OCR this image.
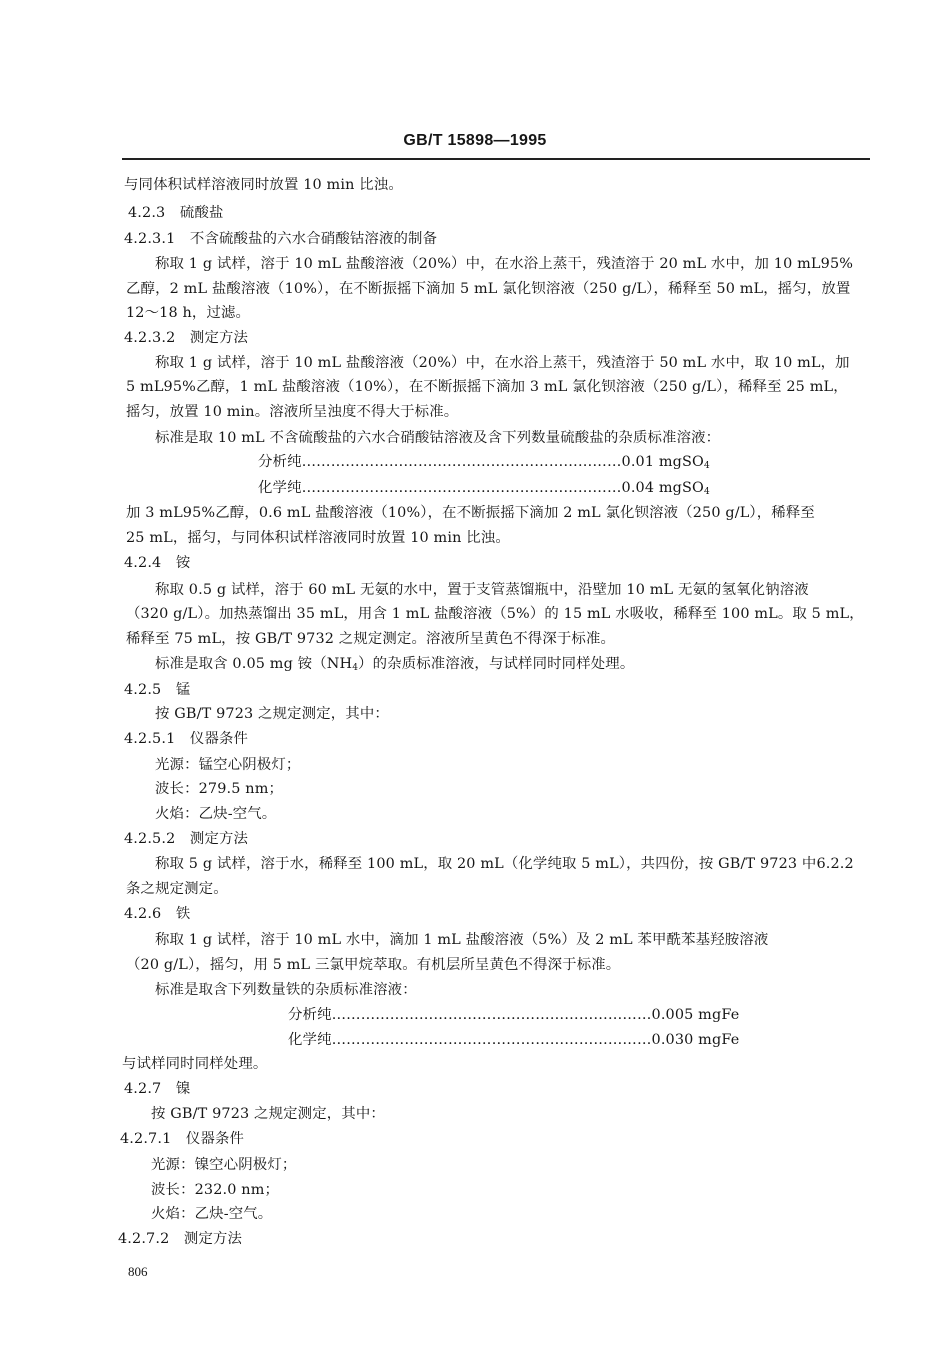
GB/T 15898—1995
与同体积试样溶液同时放置 10 min 比浊。
4.2.3　硫酸盐
4.2.3.1　不含硫酸盐的六水合硝酸钴溶液的制备
称取 1 g 试样，溶于 10 mL 盐酸溶液（20%）中，在水浴上蒸干，残渣溶于 20 mL 水中，加 10 mL95%
乙醇，2 mL 盐酸溶液（10%），在不断振摇下滴加 5 mL 氯化钡溶液（250 g/L），稀释至 50 mL，摇匀，放置
12～18 h，过滤。
4.2.3.2　测定方法
称取 1 g 试样，溶于 10 mL 盐酸溶液（20%）中，在水浴上蒸干，残渣溶于 50 mL 水中，取 10 mL，加
5 mL95%乙醇，1 mL 盐酸溶液（10%），在不断振摇下滴加 3 mL 氯化钡溶液（250 g/L），稀释至 25 mL，
摇匀，放置 10 min。溶液所呈浊度不得大于标准。
标准是取 10 mL 不含硫酸盐的六水合硝酸钴溶液及含下列数量硫酸盐的杂质标准溶液：
分析纯…………………………………………………………0.01 mgSO$_4$
化学纯…………………………………………………………0.04 mgSO$_4$
加 3 mL95%乙醇，0.6 mL 盐酸溶液（10%），在不断振摇下滴加 2 mL 氯化钡溶液（250 g/L），稀释至
25 mL，摇匀，与同体积试样溶液同时放置 10 min 比浊。
4.2.4　铵
称取 0.5 g 试样，溶于 60 mL 无氨的水中，置于支管蒸馏瓶中，沿壁加 10 mL 无氨的氢氧化钠溶液
（320 g/L）。加热蒸馏出 35 mL，用含 1 mL 盐酸溶液（5%）的 15 mL 水吸收，稀释至 100 mL。取 5 mL，
稀释至 75 mL，按 GB/T 9732 之规定测定。溶液所呈黄色不得深于标准。
标准是取含 0.05 mg 铵$(NH_4)$的杂质标准溶液，与试样同时同样处理。
4.2.5　锰
按 GB/T 9723 之规定测定，其中：
4.2.5.1　仪器条件
光源：锰空心阴极灯；
波长：279.5 nm；
火焰：乙炔-空气。
4.2.5.2　测定方法
称取 5 g 试样，溶于水，稀释至 100 mL，取 20 mL（化学纯取 5 mL），共四份，按 GB/T 9723 中6.2.2
条之规定测定。
4.2.6　铁
称取 1 g 试样，溶于 10 mL 水中，滴加 1 mL 盐酸溶液（5%）及 2 mL 苯甲酰苯基羟胺溶液
（20 g/L），摇匀，用 5 mL 三氯甲烷萃取。有机层所呈黄色不得深于标准。
标准是取含下列数量铁的杂质标准溶液：
分析纯…………………………………………………………0.005 mgFe
化学纯…………………………………………………………0.030 mgFe
与试样同时同样处理。
4.2.7　镍
按 GB/T 9723 之规定测定，其中：
4.2.7.1　仪器条件
光源：镍空心阴极灯；
波长：232.0 nm；
火焰：乙炔-空气。
4.2.7.2　测定方法
806
